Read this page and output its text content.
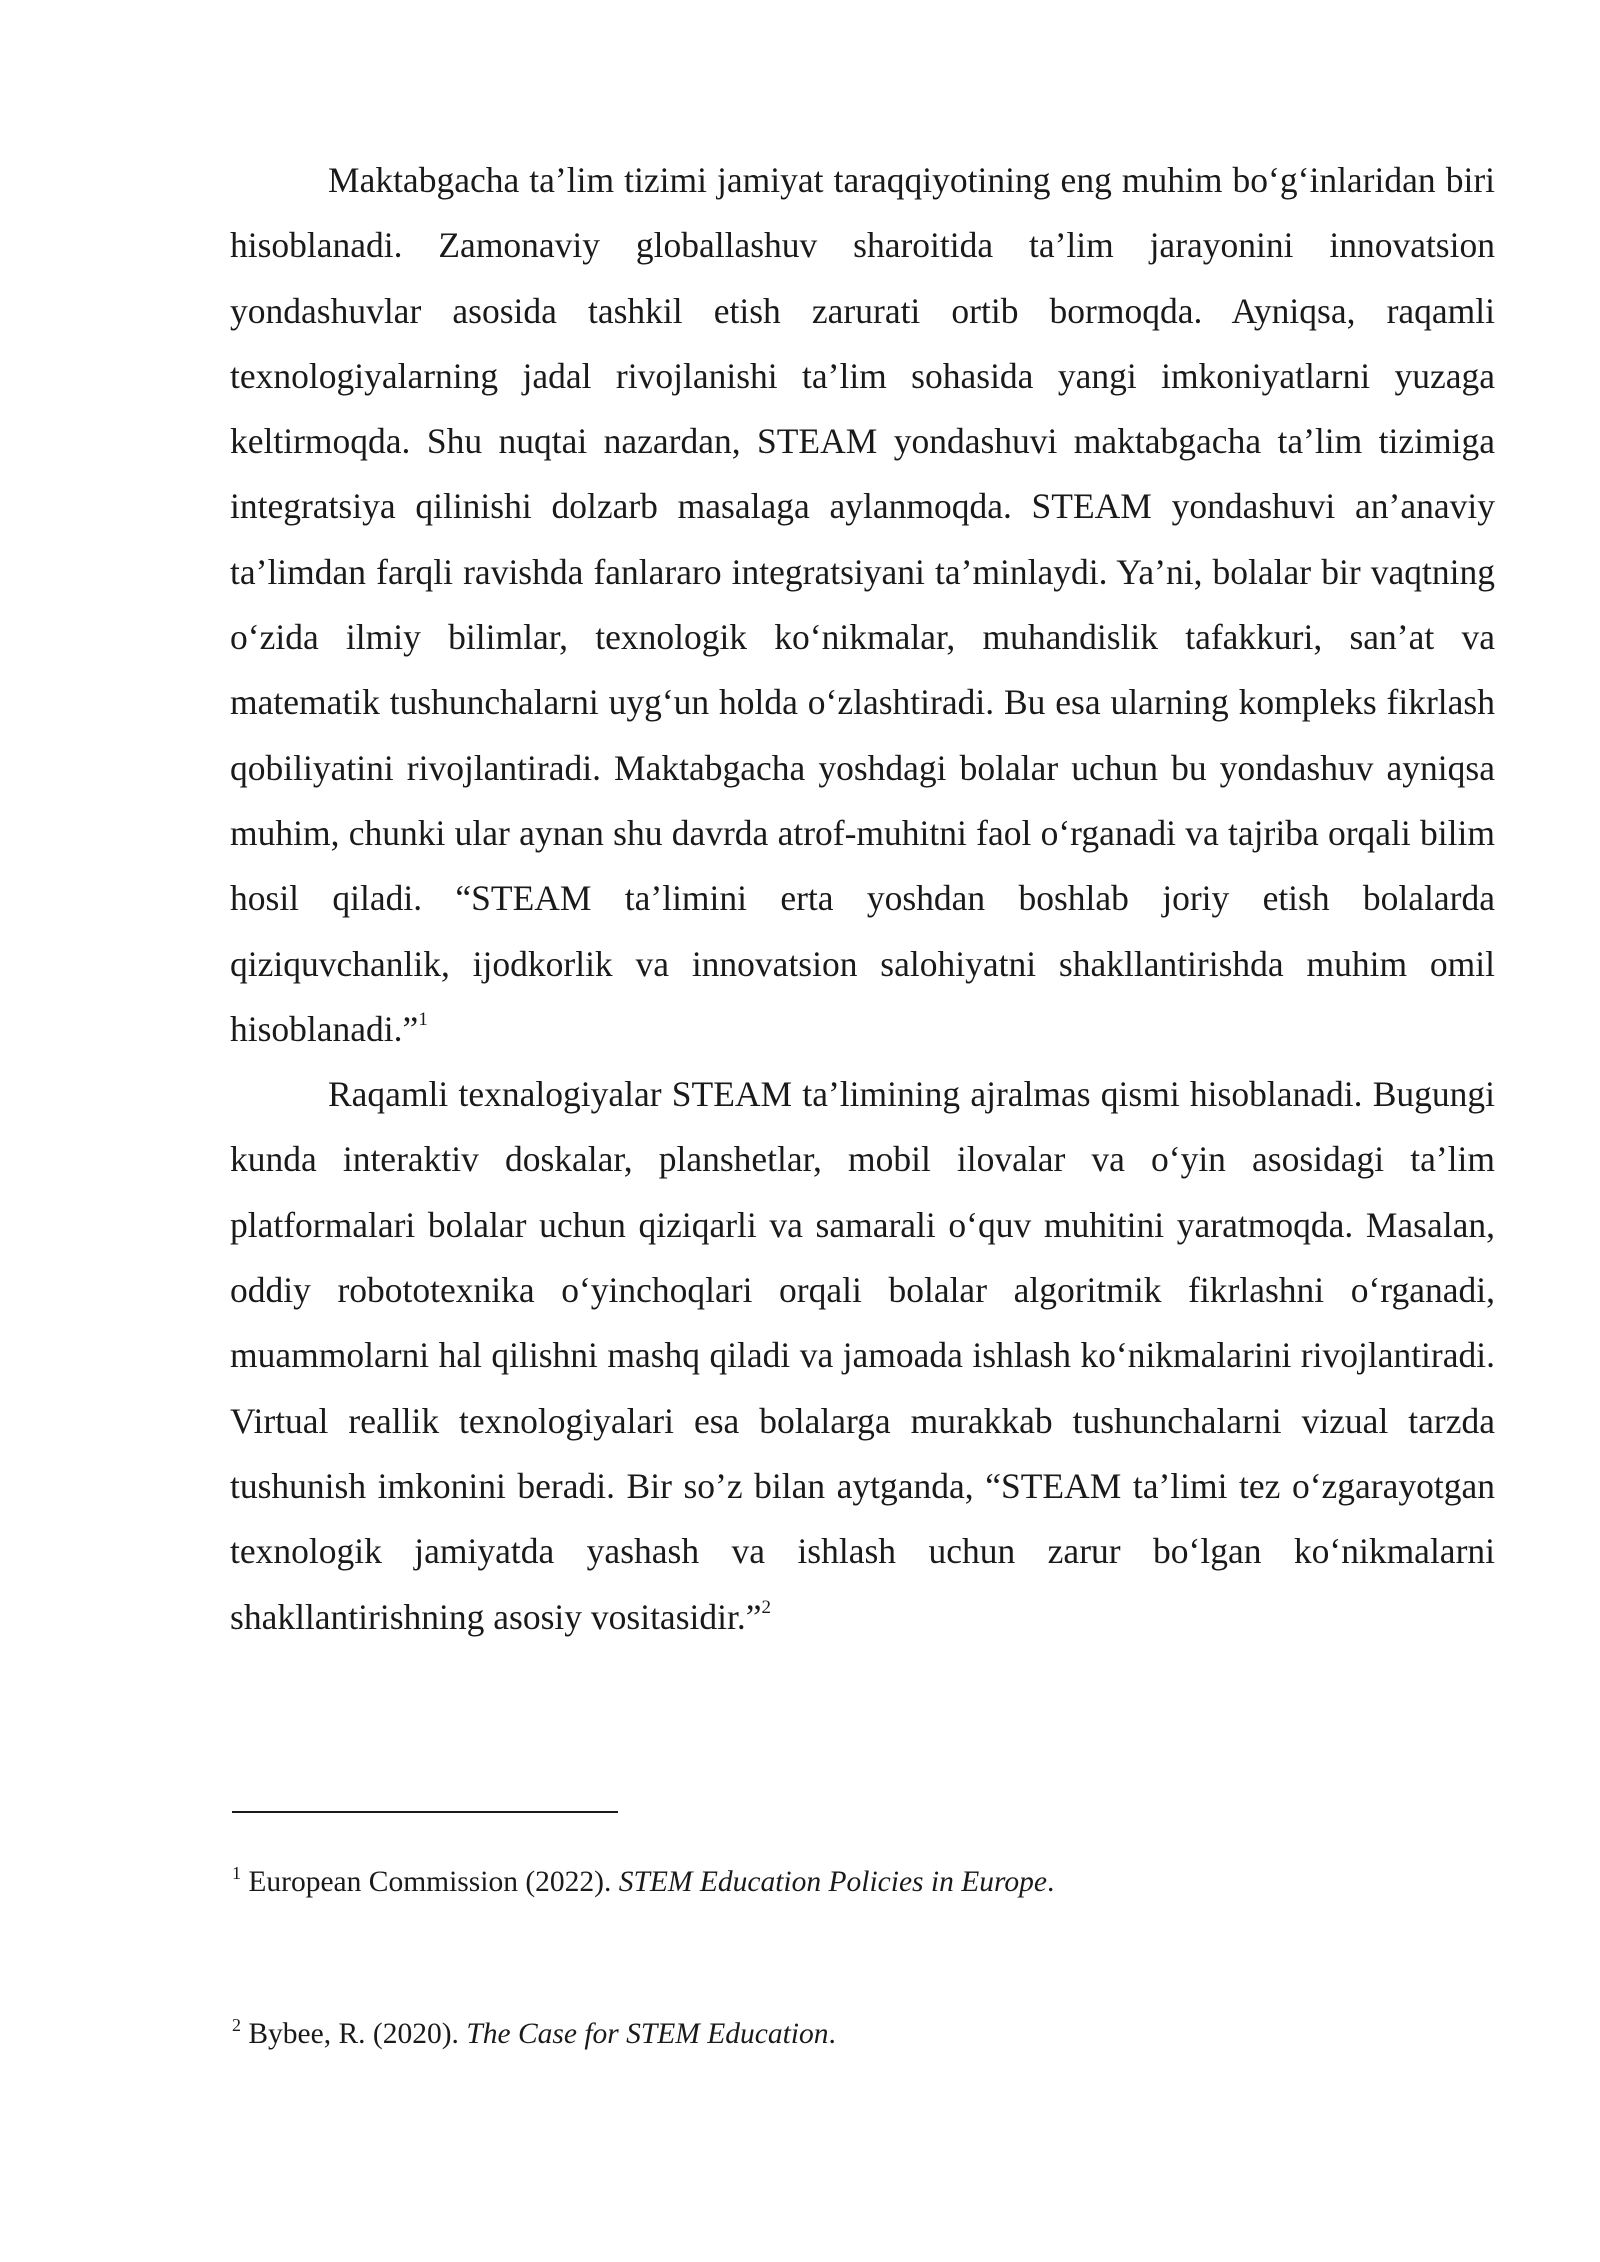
Maktabgacha ta’lim tizimi jamiyat taraqqiyotining eng muhim bo‘g‘inlaridan biri hisoblanadi. Zamonaviy globallashuv sharoitida ta’lim jarayonini innovatsion yondashuvlar asosida tashkil etish zarurati ortib bormoqda. Ayniqsa, raqamli texnologiyalarning jadal rivojlanishi ta’lim sohasida yangi imkoniyatlarni yuzaga keltirmoqda. Shu nuqtai nazardan, STEAM yondashuvi maktabgacha ta’lim tizimiga integratsiya qilinishi dolzarb masalaga aylanmoqda. STEAM yondashuvi an’anaviy ta’limdan farqli ravishda fanlararo integratsiyani ta’minlaydi. Ya’ni, bolalar bir vaqtning o‘zida ilmiy bilimlar, texnologik ko‘nikmalar, muhandislik tafakkuri, san’at va matematik tushunchalarni uyg‘un holda o‘zlashtiradi. Bu esa ularning kompleks fikrlash qobiliyatini rivojlantiradi. Maktabgacha yoshdagi bolalar uchun bu yondashuv ayniqsa muhim, chunki ular aynan shu davrda atrof-muhitni faol o‘rganadi va tajriba orqali bilim hosil qiladi. “STEAM ta’limini erta yoshdan boshlab joriy etish bolalarda qiziquvchanlik, ijodkorlik va innovatsion salohiyatni shakllantirishda muhim omil hisoblanadi.”$^1$

Raqamli texnalogiyalar STEAM ta’limining ajralmas qismi hisoblanadi. Bugungi kunda interaktiv doskalar, planshetlar, mobil ilovalar va o‘yin asosidagi ta’lim platformalari bolalar uchun qiziqarli va samarali o‘quv muhitini yaratmoqda. Masalan, oddiy robototexnika o‘yinchoqlari orqali bolalar algoritmik fikrlashni o‘rganadi, muammolarni hal qilishni mashq qiladi va jamoada ishlash ko‘nikmalarini rivojlantiradi. Virtual reallik texnologiyalari esa bolalarga murakkab tushunchalarni vizual tarzda tushunish imkonini beradi. Bir so’z bilan aytganda, “STEAM ta’limi tez o‘zgarayotgan texnologik jamiyatda yashash va ishlash uchun zarur bo‘lgan ko‘nikmalarni shakllantirishning asosiy vositasidir.”$^2$

$^1$ European Commission (2022). STEM Education Policies in Europe.

$^2$ Bybee, R. (2020). The Case for STEM Education.
